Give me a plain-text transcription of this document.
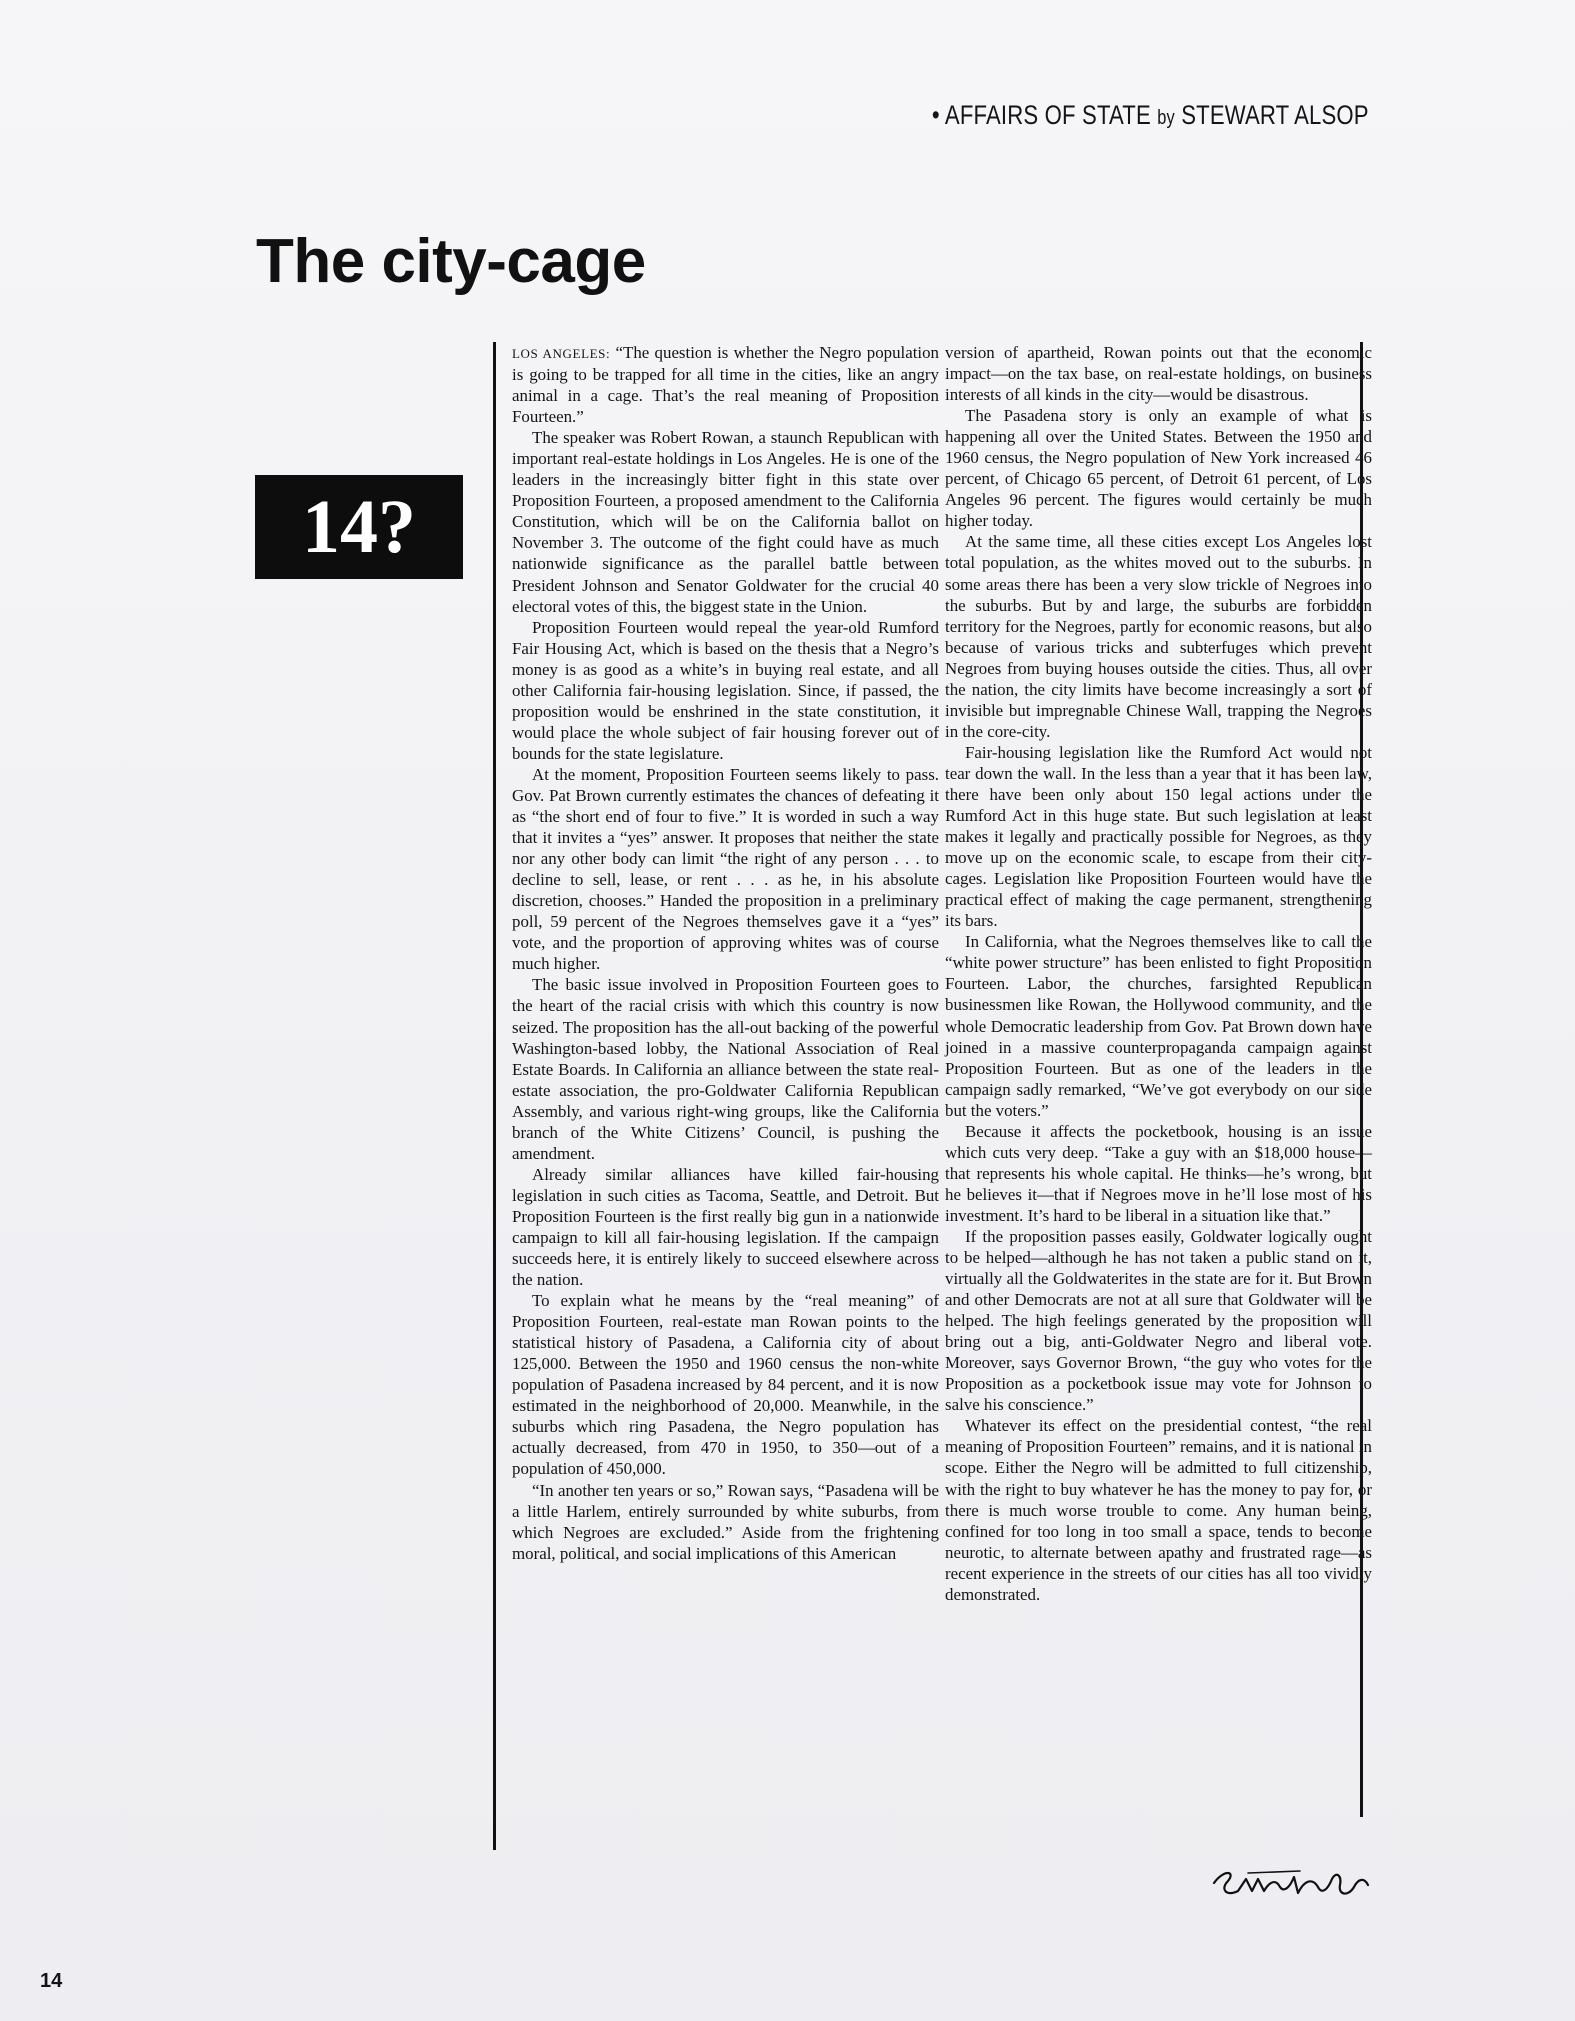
• AFFAIRS OF STATE by STEWART ALSOP
The city-cage
14?

LOS ANGELES: “The question is whether the Negro population is going to be trapped for all time in the cities, like an angry animal in a cage. That’s the real meaning of Proposition Fourteen.”

The speaker was Robert Rowan, a staunch Republican with important real-estate holdings in Los Angeles. He is one of the leaders in the increasingly bitter fight in this state over Proposition Fourteen, a proposed amendment to the California Constitution, which will be on the California ballot on November 3. The outcome of the fight could have as much nationwide significance as the parallel battle between President Johnson and Senator Goldwater for the crucial 40 electoral votes of this, the biggest state in the Union.

Proposition Fourteen would repeal the year-old Rumford Fair Housing Act, which is based on the thesis that a Negro’s money is as good as a white’s in buying real estate, and all other California fair-housing legislation. Since, if passed, the proposition would be enshrined in the state constitution, it would place the whole subject of fair housing forever out of bounds for the state legislature.

At the moment, Proposition Fourteen seems likely to pass. Gov. Pat Brown currently estimates the chances of defeating it as “the short end of four to five.” It is worded in such a way that it invites a “yes” answer. It proposes that neither the state nor any other body can limit “the right of any person . . . to decline to sell, lease, or rent . . . as he, in his absolute discretion, chooses.” Handed the proposition in a preliminary poll, 59 percent of the Negroes themselves gave it a “yes” vote, and the proportion of approving whites was of course much higher.

The basic issue involved in Proposition Fourteen goes to the heart of the racial crisis with which this country is now seized. The proposition has the all-out backing of the powerful Washington-based lobby, the National Association of Real Estate Boards. In California an alliance between the state real-estate association, the pro-Goldwater California Republican Assembly, and various right-wing groups, like the California branch of the White Citizens’ Council, is pushing the amendment.

Already similar alliances have killed fair-housing legislation in such cities as Tacoma, Seattle, and Detroit. But Proposition Fourteen is the first really big gun in a nationwide campaign to kill all fair-housing legislation. If the campaign succeeds here, it is entirely likely to succeed elsewhere across the nation.

To explain what he means by the “real meaning” of Proposition Fourteen, real-estate man Rowan points to the statistical history of Pasadena, a California city of about 125,000. Between the 1950 and 1960 census the non-white population of Pasadena increased by 84 percent, and it is now estimated in the neighborhood of 20,000. Meanwhile, in the suburbs which ring Pasadena, the Negro population has actually decreased, from 470 in 1950, to 350—out of a population of 450,000.

“In another ten years or so,” Rowan says, “Pasadena will be a little Harlem, entirely surrounded by white suburbs, from which Negroes are excluded.” Aside from the frightening moral, political, and social implications of this American

version of apartheid, Rowan points out that the economic impact—on the tax base, on real-estate holdings, on business interests of all kinds in the city—would be disastrous.

The Pasadena story is only an example of what is happening all over the United States. Between the 1950 and 1960 census, the Negro population of New York increased 46 percent, of Chicago 65 percent, of Detroit 61 percent, of Los Angeles 96 percent. The figures would certainly be much higher today.

At the same time, all these cities except Los Angeles lost total population, as the whites moved out to the suburbs. In some areas there has been a very slow trickle of Negroes into the suburbs. But by and large, the suburbs are forbidden territory for the Negroes, partly for economic reasons, but also because of various tricks and subterfuges which prevent Negroes from buying houses outside the cities. Thus, all over the nation, the city limits have become increasingly a sort of invisible but impregnable Chinese Wall, trapping the Negroes in the core-city.

Fair-housing legislation like the Rumford Act would not tear down the wall. In the less than a year that it has been law, there have been only about 150 legal actions under the Rumford Act in this huge state. But such legislation at least makes it legally and practically possible for Negroes, as they move up on the economic scale, to escape from their city-cages. Legislation like Proposition Fourteen would have the practical effect of making the cage permanent, strengthening its bars.

In California, what the Negroes themselves like to call the “white power structure” has been enlisted to fight Proposition Fourteen. Labor, the churches, farsighted Republican businessmen like Rowan, the Hollywood community, and the whole Democratic leadership from Gov. Pat Brown down have joined in a massive counterpropaganda campaign against Proposition Fourteen. But as one of the leaders in the campaign sadly remarked, “We’ve got everybody on our side but the voters.”

Because it affects the pocketbook, housing is an issue which cuts very deep. “Take a guy with an $18,000 house—that represents his whole capital. He thinks—he’s wrong, but he believes it—that if Negroes move in he’ll lose most of his investment. It’s hard to be liberal in a situation like that.”

If the proposition passes easily, Goldwater logically ought to be helped—although he has not taken a public stand on it, virtually all the Goldwaterites in the state are for it. But Brown and other Democrats are not at all sure that Goldwater will be helped. The high feelings generated by the proposition will bring out a big, anti-Goldwater Negro and liberal vote. Moreover, says Governor Brown, “the guy who votes for the Proposition as a pocketbook issue may vote for Johnson to salve his conscience.”

Whatever its effect on the presidential contest, “the real meaning of Proposition Fourteen” remains, and it is national in scope. Either the Negro will be admitted to full citizenship, with the right to buy whatever he has the money to pay for, or there is much worse trouble to come. Any human being, confined for too long in too small a space, tends to become neurotic, to alternate between apathy and frustrated rage—as recent experience in the streets of our cities has all too vividly demonstrated.

14
